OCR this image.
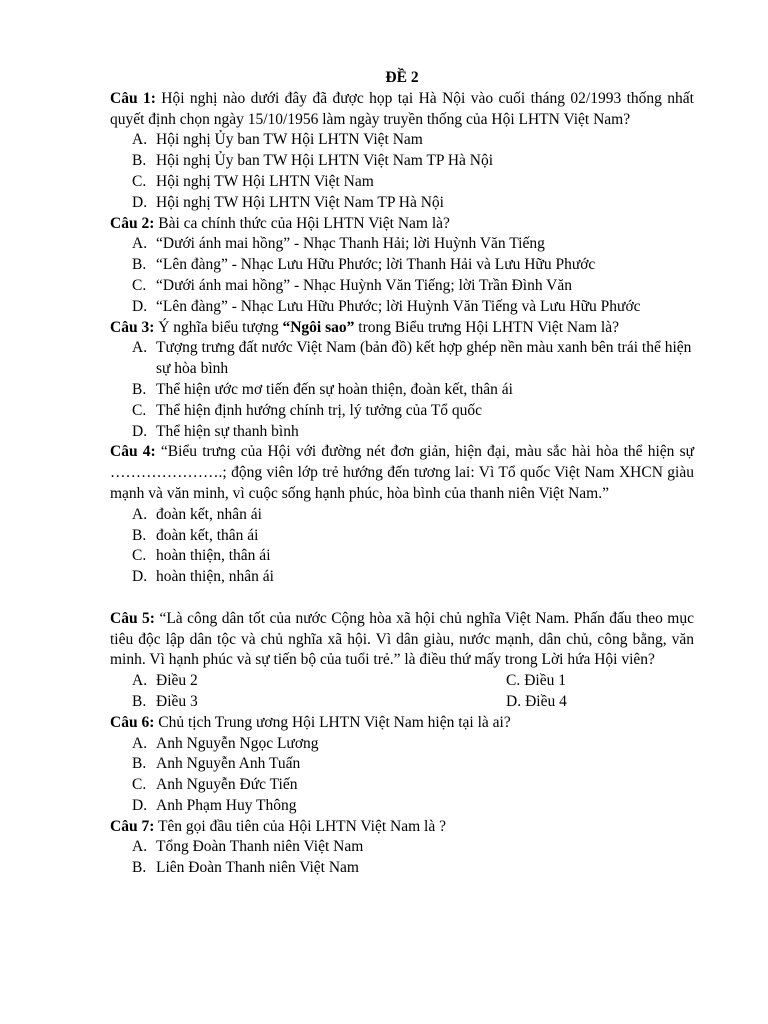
ĐỀ 2
Câu 1: Hội nghị nào dưới đây đã được họp tại Hà Nội vào cuối tháng 02/1993 thống nhất quyết định chọn ngày 15/10/1956 làm ngày truyền thống của Hội LHTN Việt Nam?
A. Hội nghị Ủy ban TW Hội LHTN Việt Nam
B. Hội nghị Ủy ban TW Hội LHTN Việt Nam TP Hà Nội
C. Hội nghị TW Hội LHTN Việt Nam
D. Hội nghị TW Hội LHTN Việt Nam TP Hà Nội
Câu 2: Bài ca chính thức của Hội LHTN Việt Nam là?
A. “Dưới ánh mai hồng” - Nhạc Thanh Hải; lời Huỳnh Văn Tiếng
B. “Lên đàng” - Nhạc Lưu Hữu Phước; lời Thanh Hải và Lưu Hữu Phước
C. “Dưới ánh mai hồng” - Nhạc Huỳnh Văn Tiếng; lời Trần Đình Văn
D. “Lên đàng” - Nhạc Lưu Hữu Phước; lời Huỳnh Văn Tiếng và Lưu Hữu Phước
Câu 3: Ý nghĩa biểu tượng “Ngôi sao” trong Biểu trưng Hội LHTN Việt Nam là?
A. Tượng trưng đất nước Việt Nam (bản đồ) kết hợp ghép nền màu xanh bên trái thể hiện sự hòa bình
B. Thể hiện ước mơ tiến đến sự hoàn thiện, đoàn kết, thân ái
C. Thể hiện định hướng chính trị, lý tưởng của Tổ quốc
D. Thể hiện sự thanh bình
Câu 4: “Biểu trưng của Hội với đường nét đơn giản, hiện đại, màu sắc hài hòa thể hiện sự ………………….; động viên lớp trẻ hướng đến tương lai: Vì Tổ quốc Việt Nam XHCN giàu mạnh và văn minh, vì cuộc sống hạnh phúc, hòa bình của thanh niên Việt Nam.”
A. đoàn kết, nhân ái
B. đoàn kết, thân ái
C. hoàn thiện, thân ái
D. hoàn thiện, nhân ái
Câu 5: “Là công dân tốt của nước Cộng hòa xã hội chủ nghĩa Việt Nam. Phấn đấu theo mục tiêu độc lập dân tộc và chủ nghĩa xã hội. Vì dân giàu, nước mạnh, dân chủ, công bằng, văn minh. Vì hạnh phúc và sự tiến bộ của tuổi trẻ.” là điều thứ mấy trong Lời hứa Hội viên?
A. Điều 2	C. Điều 1
B. Điều 3	D. Điều 4
Câu 6: Chủ tịch Trung ương Hội LHTN Việt Nam hiện tại là ai?
A. Anh Nguyễn Ngọc Lương
B. Anh Nguyễn Anh Tuấn
C. Anh Nguyễn Đức Tiến
D. Anh Phạm Huy Thông
Câu 7: Tên gọi đầu tiên của Hội LHTN Việt Nam là ?
A. Tổng Đoàn Thanh niên Việt Nam
B. Liên Đoàn Thanh niên Việt Nam
